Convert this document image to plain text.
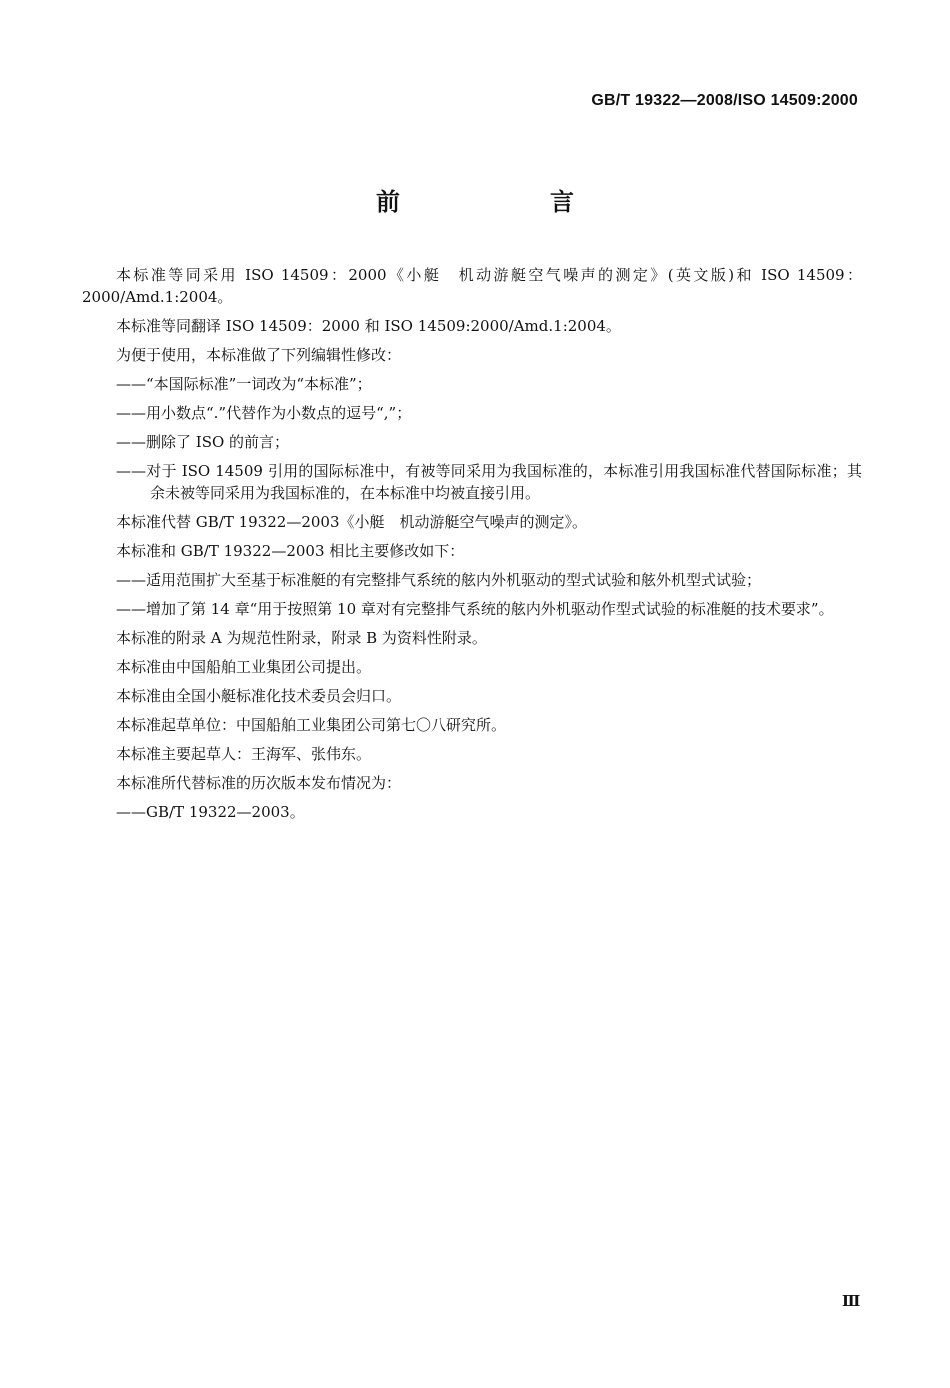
GB/T 19322—2008/ISO 14509:2000
前　　言

本标准等同采用 ISO 14509：2000《小艇　机动游艇空气噪声的测定》(英文版)和 ISO 14509：2000/Amd.1:2004。

本标准等同翻译 ISO 14509：2000 和 ISO 14509:2000/Amd.1:2004。

为便于使用，本标准做了下列编辑性修改：

——“本国际标准”一词改为“本标准”；

——用小数点“.”代替作为小数点的逗号“,”；

——删除了 ISO 的前言；

——对于 ISO 14509 引用的国际标准中，有被等同采用为我国标准的，本标准引用我国标准代替国际标准；其余未被等同采用为我国标准的，在本标准中均被直接引用。

本标准代替 GB/T 19322—2003《小艇　机动游艇空气噪声的测定》。

本标准和 GB/T 19322—2003 相比主要修改如下：

——适用范围扩大至基于标准艇的有完整排气系统的舷内外机驱动的型式试验和舷外机型式试验；

——增加了第 14 章“用于按照第 10 章对有完整排气系统的舷内外机驱动作型式试验的标准艇的技术要求”。

本标准的附录 A 为规范性附录，附录 B 为资料性附录。

本标准由中国船舶工业集团公司提出。

本标准由全国小艇标准化技术委员会归口。

本标准起草单位：中国船舶工业集团公司第七〇八研究所。

本标准主要起草人：王海军、张伟东。

本标准所代替标准的历次版本发布情况为：

——GB/T 19322—2003。

Ⅲ
